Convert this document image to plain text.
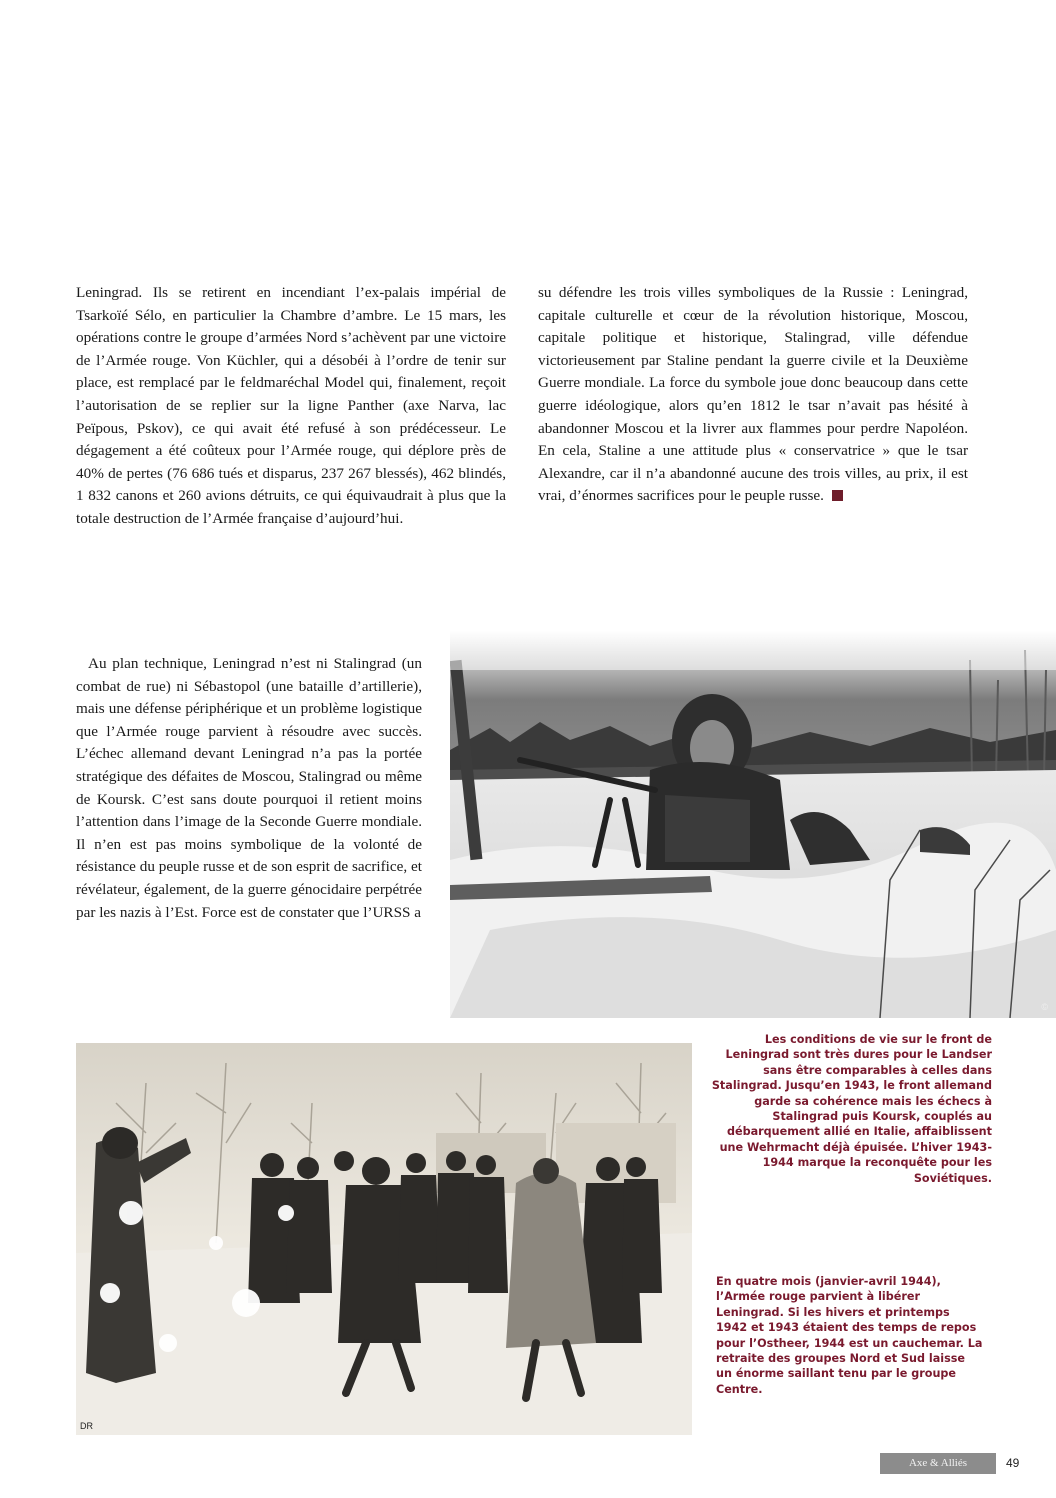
Leningrad. Ils se retirent en incendiant l’ex-palais impérial de Tsarkoïé Sélo, en particulier la Chambre d’ambre. Le 15 mars, les opérations contre le groupe d’armées Nord s’achèvent par une victoire de l’Armée rouge. Von Küchler, qui a désobéi à l’ordre de tenir sur place, est remplacé par le feldmaréchal Model qui, finalement, reçoit l’autorisation de se replier sur la ligne Panther (axe Narva, lac Peïpous, Pskov), ce qui avait été refusé à son prédécesseur. Le dégagement a été coûteux pour l’Armée rouge, qui déplore près de 40% de pertes (76 686 tués et disparus, 237 267 blessés), 462 blindés, 1 832 canons et 260 avions détruits, ce qui équivaudrait à plus que la totale destruction de l’Armée française d’aujourd’hui.

su défendre les trois villes symboliques de la Russie : Leningrad, capitale culturelle et cœur de la révolution historique, Moscou, capitale politique et historique, Stalingrad, ville défendue victorieusement par Staline pendant la guerre civile et la Deuxième Guerre mondiale. La force du symbole joue donc beaucoup dans cette guerre idéologique, alors qu’en 1812 le tsar n’avait pas hésité à abandonner Moscou et la livrer aux flammes pour perdre Napoléon. En cela, Staline a une attitude plus « conservatrice » que le tsar Alexandre, car il n’a abandonné aucune des trois villes, au prix, il est vrai, d’énormes sacrifices pour le peuple russe.

Au plan technique, Leningrad n’est ni Stalingrad (un combat de rue) ni Sébastopol (une bataille d’artillerie), mais une défense périphérique et un problème logistique que l’Armée rouge parvient à résoudre avec succès. L’échec allemand devant Leningrad n’a pas la portée stratégique des défaites de Moscou, Stalingrad ou même de Koursk. C’est sans doute pourquoi il retient moins l’attention dans l’image de la Seconde Guerre mondiale. Il n’en est pas moins symbolique de la volonté de résistance du peuple russe et de son esprit de sacrifice, et révélateur, également, de la guerre génocidaire perpétrée par les nazis à l’Est. Force est de constater que l’URSS a

©
DR

Les conditions de vie sur le front de Leningrad sont très dures pour le Landser sans être comparables à celles dans Stalingrad. Jusqu’en 1943, le front allemand garde sa cohérence mais les échecs à Stalingrad puis Koursk, couplés au débarquement allié en Italie, affaiblissent une Wehrmacht déjà épuisée. L’hiver 1943-1944 marque la reconquête pour les Soviétiques.

En quatre mois (janvier-avril 1944), l’Armée rouge parvient à libérer Leningrad. Si les hivers et printemps 1942 et 1943 étaient des temps de repos pour l’Ostheer, 1944 est un cauchemar. La retraite des groupes Nord et Sud laisse un énorme saillant tenu par le groupe Centre.

Axe & Alliés	49
